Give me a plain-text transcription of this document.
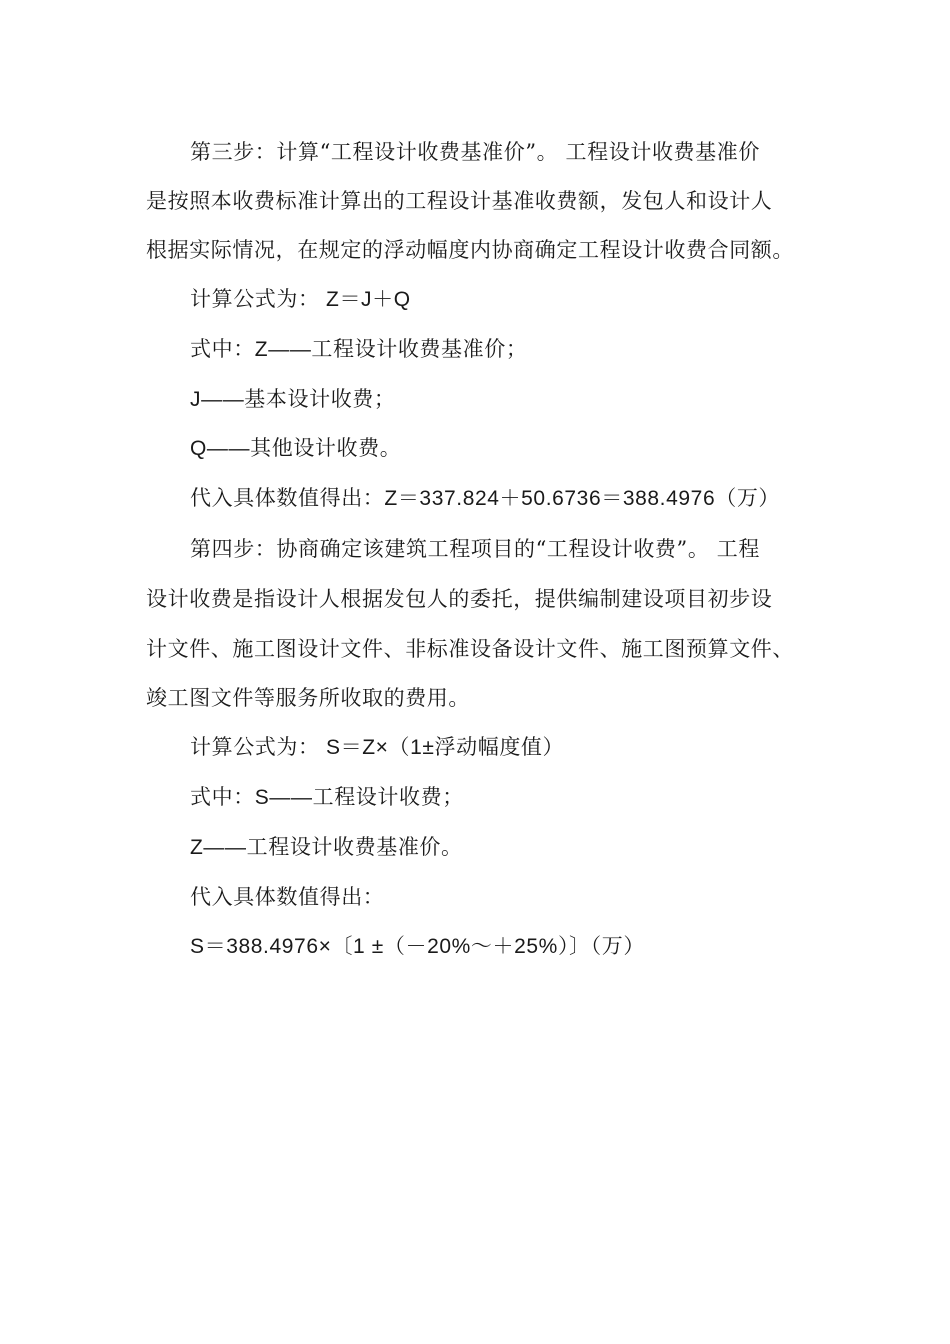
第三步：计算“工程设计收费基准价”。 工程设计收费基准价
是按照本收费标准计算出的工程设计基准收费额，发包人和设计人
根据实际情况，在规定的浮动幅度内协商确定工程设计收费合同额。
计算公式为： Z＝J＋Q
式中：Z——工程设计收费基准价；
J——基本设计收费；
Q——其他设计收费。
代入具体数值得出：Z＝337.824＋50.6736＝388.4976（万）
第四步：协商确定该建筑工程项目的“工程设计收费”。 工程
设计收费是指设计人根据发包人的委托，提供编制建设项目初步设
计文件、施工图设计文件、非标准设备设计文件、施工图预算文件、
竣工图文件等服务所收取的费用。
计算公式为： S＝Z×（1±浮动幅度值）
式中：S——工程设计收费；
Z——工程设计收费基准价。
代入具体数值得出：
S＝388.4976×〔1 ±（－20%～＋25%）〕（万）
